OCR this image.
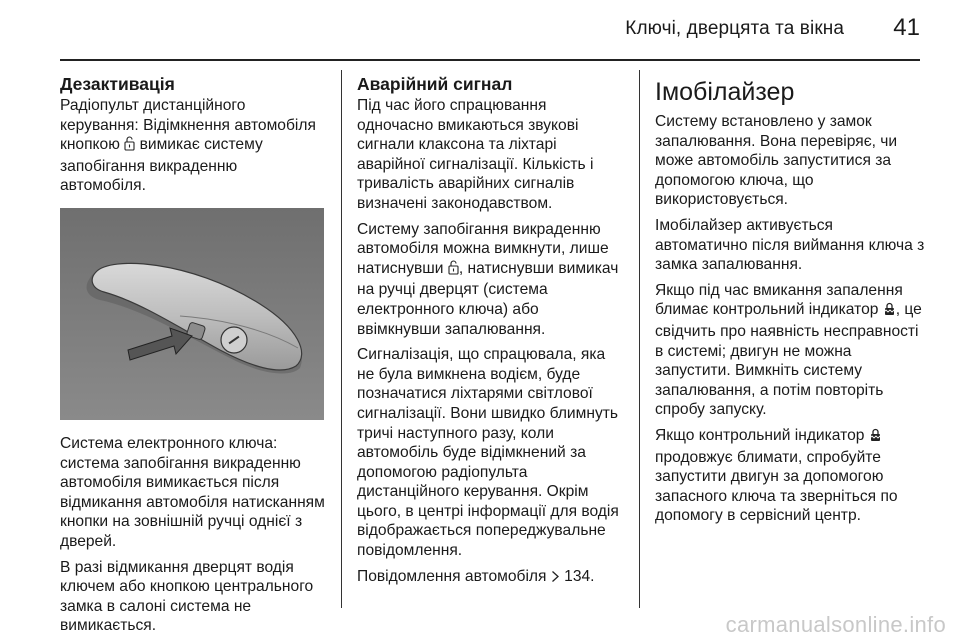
Ключі, дверцята та вікна 41
Дезактивація

Радіопульт дистанційного керування: Відімкнення автомобіля кнопкою  вимикає систему запобігання викраденню автомобіля.

Система електронного ключа: система запобігання викраденню автомобіля вимикається після відмикання автомобіля натисканням кнопки на зовнішній ручці однієї з дверей.

В разі відмикання дверцят водія ключем або кнопкою центрального замка в салоні система не вимикається.

Аварійний сигнал

Під час його спрацювання одночасно вмикаються звукові сигнали клаксона та ліхтарі аварійної сигналізації. Кількість і тривалість аварійних сигналів визначені законодавством.

Систему запобігання викраденню автомобіля можна вимкнути, лише натиснувши , натиснувши вимикач на ручці дверцят (система електронного ключа) або ввімкнувши запалювання.

Сигналізація, що спрацювала, яка не була вимкнена водієм, буде позначатися ліхтарями світлової сигналізації. Вони швидко блимнуть тричі наступного разу, коли автомобіль буде відімкнений за допомогою радіопульта дистанційного керування. Окрім цього, в центрі інформації для водія відображається попереджувальне повідомлення.

Повідомлення автомобіля  134.

Імобілайзер

Систему встановлено у замок запалювання. Вона перевіряє, чи може автомобіль запуститися за допомогою ключа, що використовується.

Імобілайзер активується автоматично після виймання ключа з замка запалювання.

Якщо під час вмикання запалення блимає контрольний індикатор , це свідчить про наявність несправності в системі; двигун не можна запустити. Вимкніть систему запалювання, а потім повторіть спробу запуску.

Якщо контрольний індикатор  продовжує блимати, спробуйте запустити двигун за допомогою запасного ключа та зверніться по допомогу в сервісний центр.

carmanualsonline.info
